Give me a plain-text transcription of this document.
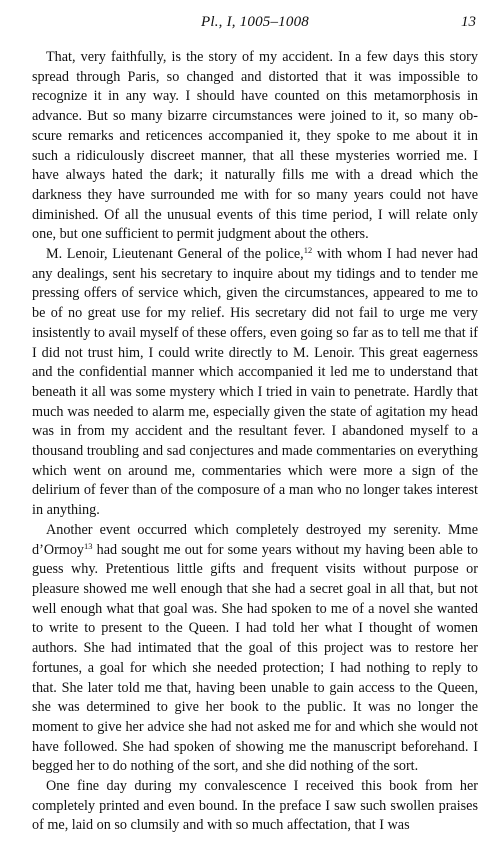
Pl., I, 1005–1008	13

That, very faithfully, is the story of my accident. In a few days this story spread through Paris, so changed and distorted that it was impossible to recognize it in any way. I should have counted on this metamorphosis in advance. But so many bizarre circumstances were joined to it, so many obscure remarks and reticences accompanied it, they spoke to me about it in such a ridiculously discreet manner, that all these mysteries worried me. I have always hated the dark; it naturally fills me with a dread which the darkness they have surrounded me with for so many years could not have diminished. Of all the unusual events of this time period, I will relate only one, but one sufficient to permit judgment about the others.

M. Lenoir, Lieutenant General of the police,$^{12}$ with whom I had never had any dealings, sent his secretary to inquire about my tidings and to tender me pressing offers of service which, given the circumstances, appeared to me to be of no great use for my relief. His secretary did not fail to urge me very insistently to avail myself of these offers, even going so far as to tell me that if I did not trust him, I could write directly to M. Lenoir. This great eagerness and the confidential manner which accompanied it led me to understand that beneath it all was some mystery which I tried in vain to penetrate. Hardly that much was needed to alarm me, especially given the state of agitation my head was in from my accident and the resultant fever. I abandoned myself to a thousand troubling and sad conjectures and made commentaries on everything which went on around me, commentaries which were more a sign of the delirium of fever than of the composure of a man who no longer takes interest in anything.

Another event occurred which completely destroyed my serenity. Mme d’Ormoy$^{13}$ had sought me out for some years without my having been able to guess why. Pretentious little gifts and frequent visits without purpose or pleasure showed me well enough that she had a secret goal in all that, but not well enough what that goal was. She had spoken to me of a novel she wanted to write to present to the Queen. I had told her what I thought of women authors. She had intimated that the goal of this project was to restore her fortunes, a goal for which she needed protection; I had nothing to reply to that. She later told me that, having been unable to gain access to the Queen, she was determined to give her book to the public. It was no longer the moment to give her advice she had not asked me for and which she would not have followed. She had spoken of showing me the manuscript beforehand. I begged her to do nothing of the sort, and she did nothing of the sort.

One fine day during my convalescence I received this book from her completely printed and even bound. In the preface I saw such swollen praises of me, laid on so clumsily and with so much affectation, that I was
